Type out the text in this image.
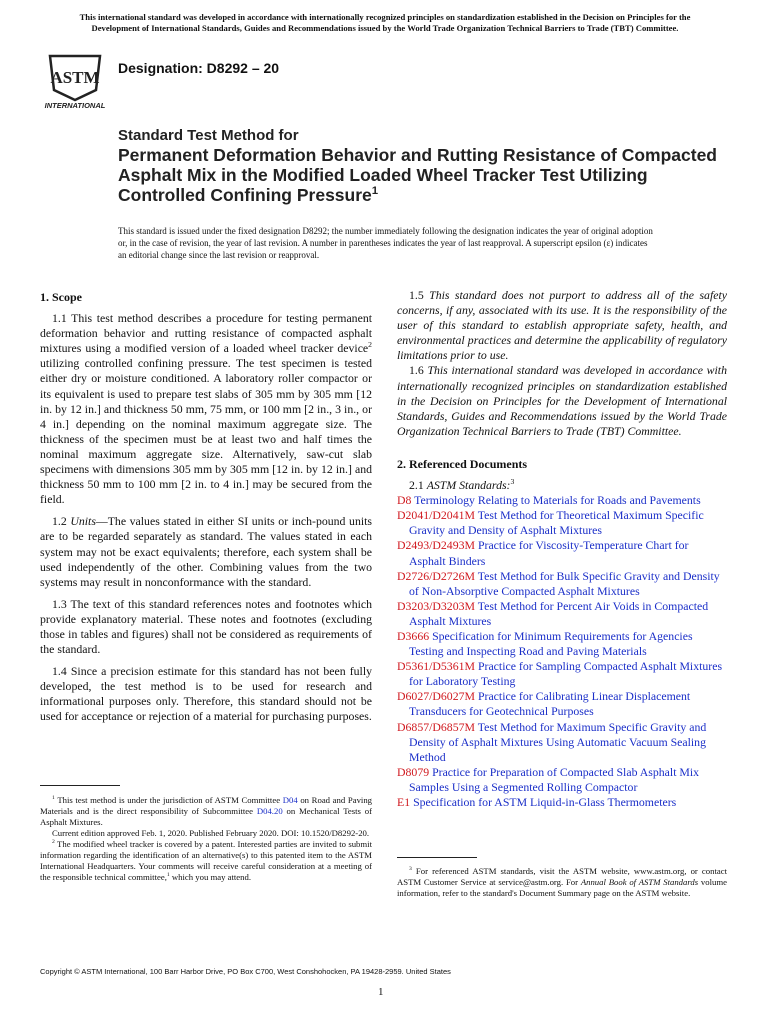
This international standard was developed in accordance with internationally recognized principles on standardization established in the Decision on Principles for the Development of International Standards, Guides and Recommendations issued by the World Trade Organization Technical Barriers to Trade (TBT) Committee.
ASTM
INTERNATIONAL
Designation: D8292 – 20
Standard Test Method for
Permanent Deformation Behavior and Rutting Resistance of Compacted Asphalt Mix in the Modified Loaded Wheel Tracker Test Utilizing Controlled Confining Pressure$^1$
This standard is issued under the fixed designation D8292; the number immediately following the designation indicates the year of original adoption or, in the case of revision, the year of last revision. A number in parentheses indicates the year of last reapproval. A superscript epsilon (ε) indicates an editorial change since the last revision or reapproval.

1. Scope

1.1 This test method describes a procedure for testing permanent deformation behavior and rutting resistance of compacted asphalt mixtures using a modified version of a loaded wheel tracker device$^2$ utilizing controlled confining pressure. The test specimen is tested either dry or moisture conditioned. A laboratory roller compactor or its equivalent is used to prepare test slabs of 305 mm by 305 mm [12 in. by 12 in.] and thickness 50 mm, 75 mm, or 100 mm [2 in., 3 in., or 4 in.] depending on the nominal maximum aggregate size. The thickness of the specimen must be at least two and half times the nominal maximum aggregate size. Alternatively, saw-cut slab specimens with dimensions 305 mm by 305 mm [12 in. by 12 in.] and thickness 50 mm to 100 mm [2 in. to 4 in.] may be secured from the field.

1.2 Units—The values stated in either SI units or inch-pound units are to be regarded separately as standard. The values stated in each system may not be exact equivalents; therefore, each system shall be used independently of the other. Combining values from the two systems may result in nonconformance with the standard.

1.3 The text of this standard references notes and footnotes which provide explanatory material. These notes and footnotes (excluding those in tables and figures) shall not be considered as requirements of the standard.

1.4 Since a precision estimate for this standard has not been fully developed, the test method is to be used for research and informational purposes only. Therefore, this standard should not be used for acceptance or rejection of a material for purchasing purposes.

$^1$ This test method is under the jurisdiction of ASTM Committee D04 on Road and Paving Materials and is the direct responsibility of Subcommittee D04.20 on Mechanical Tests of Asphalt Mixtures.

Current edition approved Feb. 1, 2020. Published February 2020. DOI: 10.1520/D8292-20.

$^2$ The modified wheel tracker is covered by a patent. Interested parties are invited to submit information regarding the identification of an alternative(s) to this patented item to the ASTM International Headquarters. Your comments will receive careful consideration at a meeting of the responsible technical committee,$^1$ which you may attend.

1.5 This standard does not purport to address all of the safety concerns, if any, associated with its use. It is the responsibility of the user of this standard to establish appropriate safety, health, and environmental practices and determine the applicability of regulatory limitations prior to use.

1.6 This international standard was developed in accordance with internationally recognized principles on standardization established in the Decision on Principles for the Development of International Standards, Guides and Recommendations issued by the World Trade Organization Technical Barriers to Trade (TBT) Committee.

2. Referenced Documents

2.1 ASTM Standards:$^3$

D8 Terminology Relating to Materials for Roads and Pavements

D2041/D2041M Test Method for Theoretical Maximum Specific Gravity and Density of Asphalt Mixtures

D2493/D2493M Practice for Viscosity-Temperature Chart for Asphalt Binders

D2726/D2726M Test Method for Bulk Specific Gravity and Density of Non-Absorptive Compacted Asphalt Mixtures

D3203/D3203M Test Method for Percent Air Voids in Compacted Asphalt Mixtures

D3666 Specification for Minimum Requirements for Agencies Testing and Inspecting Road and Paving Materials

D5361/D5361M Practice for Sampling Compacted Asphalt Mixtures for Laboratory Testing

D6027/D6027M Practice for Calibrating Linear Displacement Transducers for Geotechnical Purposes

D6857/D6857M Test Method for Maximum Specific Gravity and Density of Asphalt Mixtures Using Automatic Vacuum Sealing Method

D8079 Practice for Preparation of Compacted Slab Asphalt Mix Samples Using a Segmented Rolling Compactor

E1 Specification for ASTM Liquid-in-Glass Thermometers

$^3$ For referenced ASTM standards, visit the ASTM website, www.astm.org, or contact ASTM Customer Service at service@astm.org. For Annual Book of ASTM Standards volume information, refer to the standard's Document Summary page on the ASTM website.

Copyright © ASTM International, 100 Barr Harbor Drive, PO Box C700, West Conshohocken, PA 19428-2959. United States
1
